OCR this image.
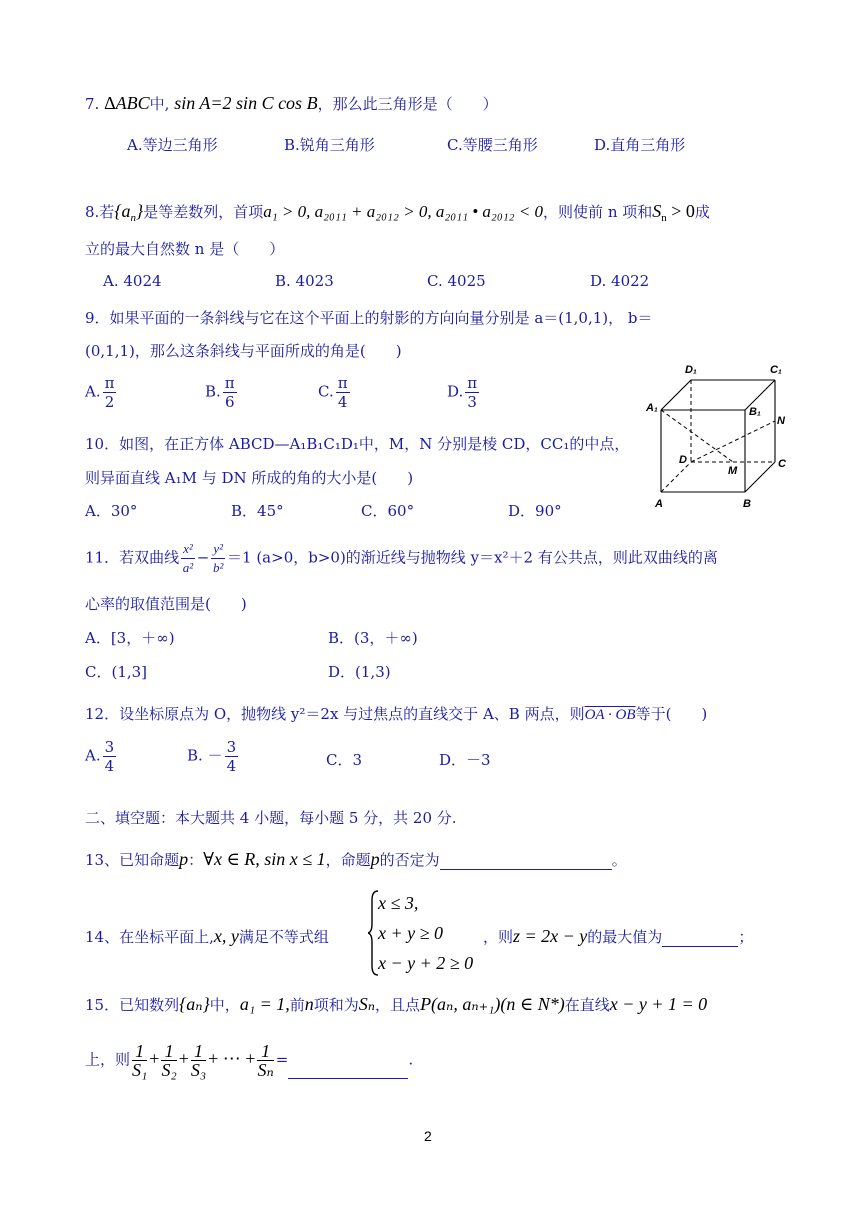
7. ΔABC中, sin A=2 sin C cos B，那么此三角形是（　　）
A.等边三角形	B.锐角三角形	C.等腰三角形	D.直角三角形
8.若$\{a_n\}$是等差数列，首项a₁ > 0, a₂₀₁₁ + a₂₀₁₂ > 0, a₂₀₁₁ • a₂₀₁₂ < 0，则使前 n 项和$S_n > 0$成
立的最大自然数 n 是（　　）
A. 4024	B. 4023	C. 4025	D. 4022
9．如果平面的一条斜线与它在这个平面上的射影的方向向量分别是 a＝(1,0,1)， b＝
(0,1,1)，那么这条斜线与平面所成的角是(　　)
A. $\frac{\pi}{2}$	B. $\frac{\pi}{6}$	C. $\frac{\pi}{4}$	D. $\frac{\pi}{3}$
10．如图，在正方体 ABCD—A₁B₁C₁D₁中，M，N 分别是棱 CD，CC₁的中点，
则异面直线 A₁M 与 DN 所成的角的大小是(　　)
A．30°	B．45°	C．60°	D．90°
D₁	C₁
A₁	B₁
N
D
M
C
A	B
11．若双曲线 $\frac{\text{x²}}{\text{a²}} - \frac{\text{y²}}{\text{b²}} =1$ (a>0，b>0)的渐近线与抛物线 y＝x²＋2 有公共点，则此双曲线的离
心率的取值范围是(　　)
A．[3，＋∞)	B．(3，＋∞)
C．(1,3]	D．(1,3)
12．设坐标原点为 O，抛物线 y²＝2x 与过焦点的直线交于 A、B 两点，则OA · OB等于(　　)
A. $\frac{3}{4}$	B. － $\frac{3}{4}$	C．3	D．－3
二、填空题：本大题共 4 小题，每小题 5 分，共 20 分.
13、已知命题p：∀x ∈ R, sin x ≤ 1，命题p的否定为	。
14、在坐标平面上,x, y满足不等式组
x ≤ 3,
x + y ≥ 0
x − y + 2 ≥ 0
，则z = 2x − y的最大值为	；
15．已知数列{aₙ}中，a₁ = 1,前n项和为Sₙ，且点P(aₙ, aₙ₊₁)(n ∈ N*)在直线x − y + 1 = 0
上，则 $\frac{1}{\text{S₁}} + \frac{1}{\text{S₂}} + \frac{1}{\text{S₃}}$ + ⋯ + $\frac{1}{\text{Sₙ}}$ =	.
2
